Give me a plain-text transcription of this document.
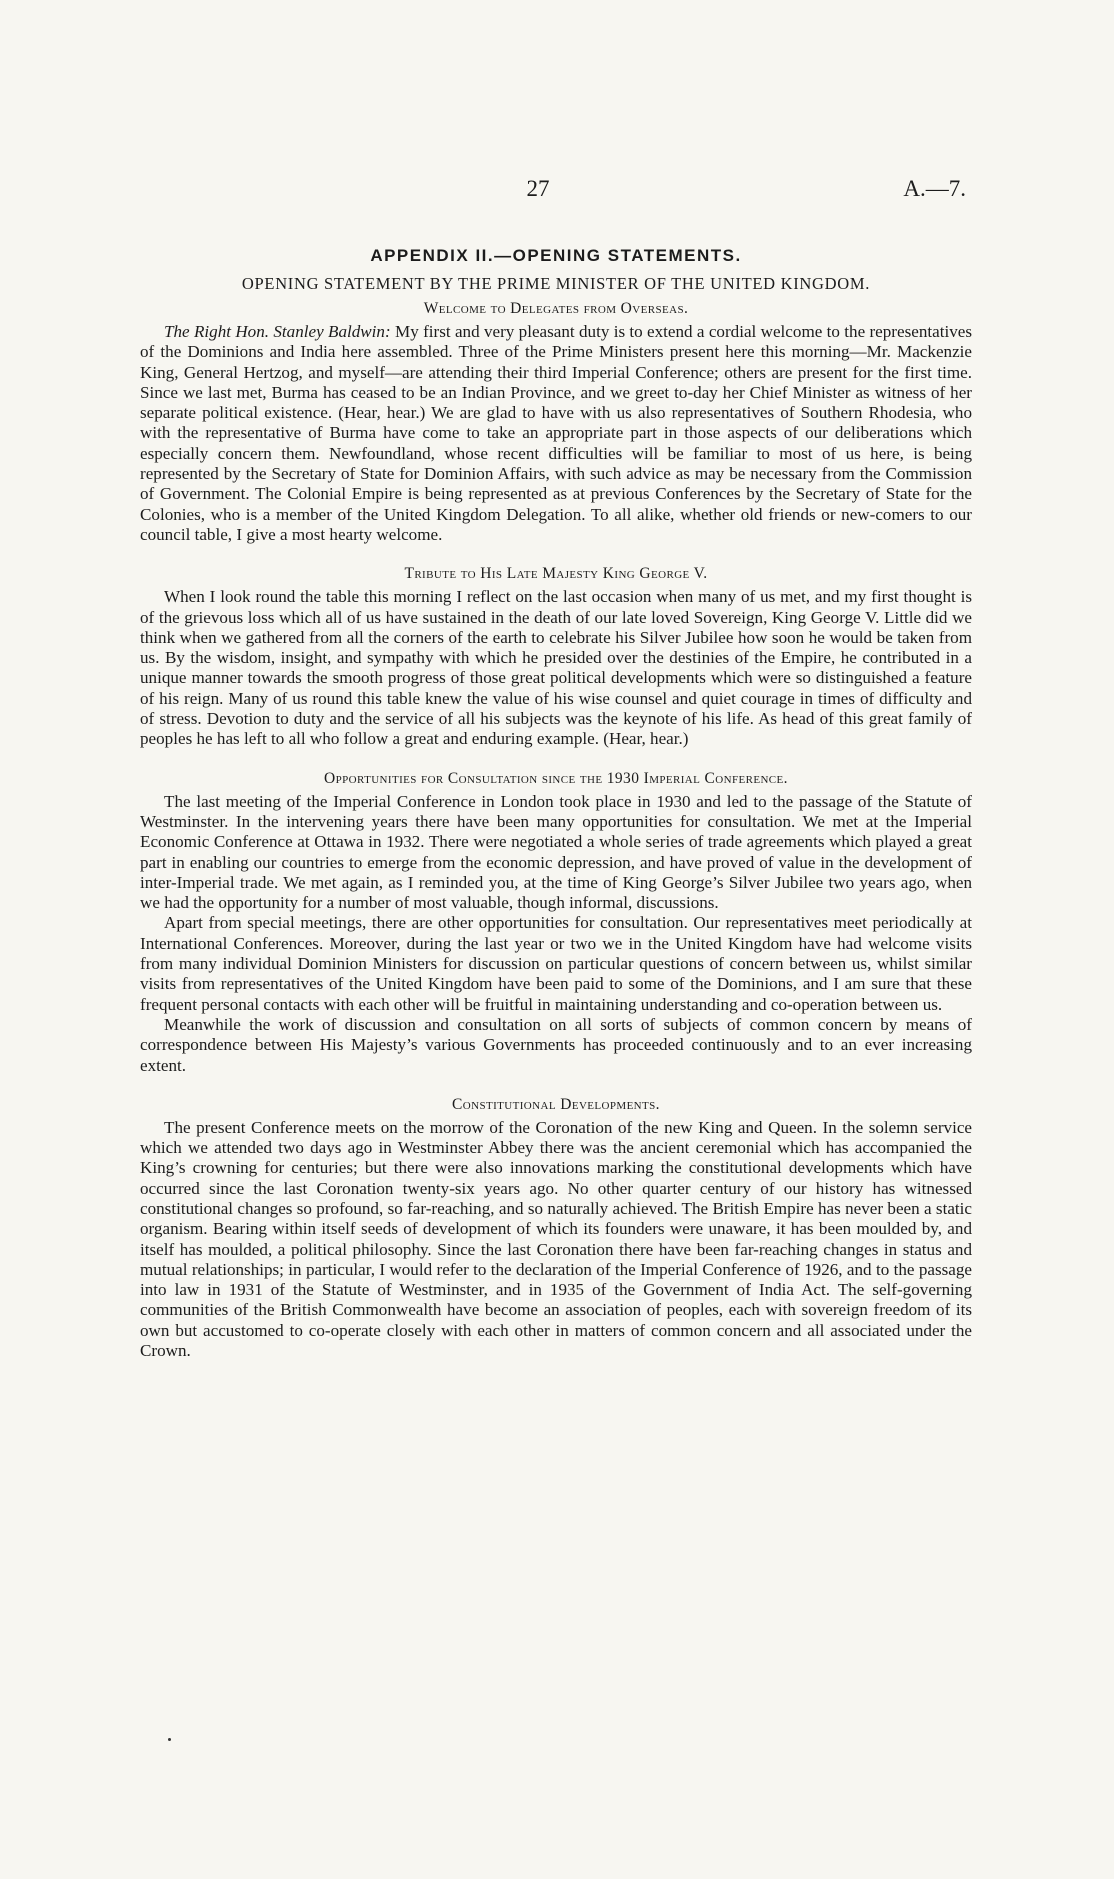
27	A.—7.
APPENDIX II.—OPENING STATEMENTS.
OPENING STATEMENT BY THE PRIME MINISTER OF THE UNITED KINGDOM.
Welcome to Delegates from Overseas.

The Right Hon. Stanley Baldwin: My first and very pleasant duty is to extend a cordial welcome to the representatives of the Dominions and India here assembled. Three of the Prime Ministers present here this morning—Mr. Mackenzie King, General Hertzog, and myself—are attending their third Imperial Conference; others are present for the first time. Since we last met, Burma has ceased to be an Indian Province, and we greet to-day her Chief Minister as witness of her separate political existence. (Hear, hear.) We are glad to have with us also representatives of Southern Rhodesia, who with the representative of Burma have come to take an appropriate part in those aspects of our deliberations which especially concern them. Newfoundland, whose recent difficulties will be familiar to most of us here, is being represented by the Secretary of State for Dominion Affairs, with such advice as may be necessary from the Commission of Government. The Colonial Empire is being represented as at previous Conferences by the Secretary of State for the Colonies, who is a member of the United Kingdom Delegation. To all alike, whether old friends or new-comers to our council table, I give a most hearty welcome.

Tribute to His Late Majesty King George V.

When I look round the table this morning I reflect on the last occasion when many of us met, and my first thought is of the grievous loss which all of us have sustained in the death of our late loved Sovereign, King George V. Little did we think when we gathered from all the corners of the earth to celebrate his Silver Jubilee how soon he would be taken from us. By the wisdom, insight, and sympathy with which he presided over the destinies of the Empire, he contributed in a unique manner towards the smooth progress of those great political developments which were so distinguished a feature of his reign. Many of us round this table knew the value of his wise counsel and quiet courage in times of difficulty and of stress. Devotion to duty and the service of all his subjects was the keynote of his life. As head of this great family of peoples he has left to all who follow a great and enduring example. (Hear, hear.)

Opportunities for Consultation since the 1930 Imperial Conference.

The last meeting of the Imperial Conference in London took place in 1930 and led to the passage of the Statute of Westminster. In the intervening years there have been many opportunities for consultation. We met at the Imperial Economic Conference at Ottawa in 1932. There were negotiated a whole series of trade agreements which played a great part in enabling our countries to emerge from the economic depression, and have proved of value in the development of inter-Imperial trade. We met again, as I reminded you, at the time of King George’s Silver Jubilee two years ago, when we had the opportunity for a number of most valuable, though informal, discussions.

Apart from special meetings, there are other opportunities for consultation. Our representatives meet periodically at International Conferences. Moreover, during the last year or two we in the United Kingdom have had welcome visits from many individual Dominion Ministers for discussion on particular questions of concern between us, whilst similar visits from representatives of the United Kingdom have been paid to some of the Dominions, and I am sure that these frequent personal contacts with each other will be fruitful in maintaining understanding and co-operation between us.

Meanwhile the work of discussion and consultation on all sorts of subjects of common concern by means of correspondence between His Majesty’s various Governments has proceeded continuously and to an ever increasing extent.

Constitutional Developments.

The present Conference meets on the morrow of the Coronation of the new King and Queen. In the solemn service which we attended two days ago in Westminster Abbey there was the ancient ceremonial which has accompanied the King’s crowning for centuries; but there were also innovations marking the constitutional developments which have occurred since the last Coronation twenty-six years ago. No other quarter century of our history has witnessed constitutional changes so profound, so far-reaching, and so naturally achieved. The British Empire has never been a static organism. Bearing within itself seeds of development of which its founders were unaware, it has been moulded by, and itself has moulded, a political philosophy. Since the last Coronation there have been far-reaching changes in status and mutual relationships; in particular, I would refer to the declaration of the Imperial Conference of 1926, and to the passage into law in 1931 of the Statute of Westminster, and in 1935 of the Government of India Act. The self-governing communities of the British Commonwealth have become an association of peoples, each with sovereign freedom of its own but accustomed to co-operate closely with each other in matters of common concern and all associated under the Crown.
